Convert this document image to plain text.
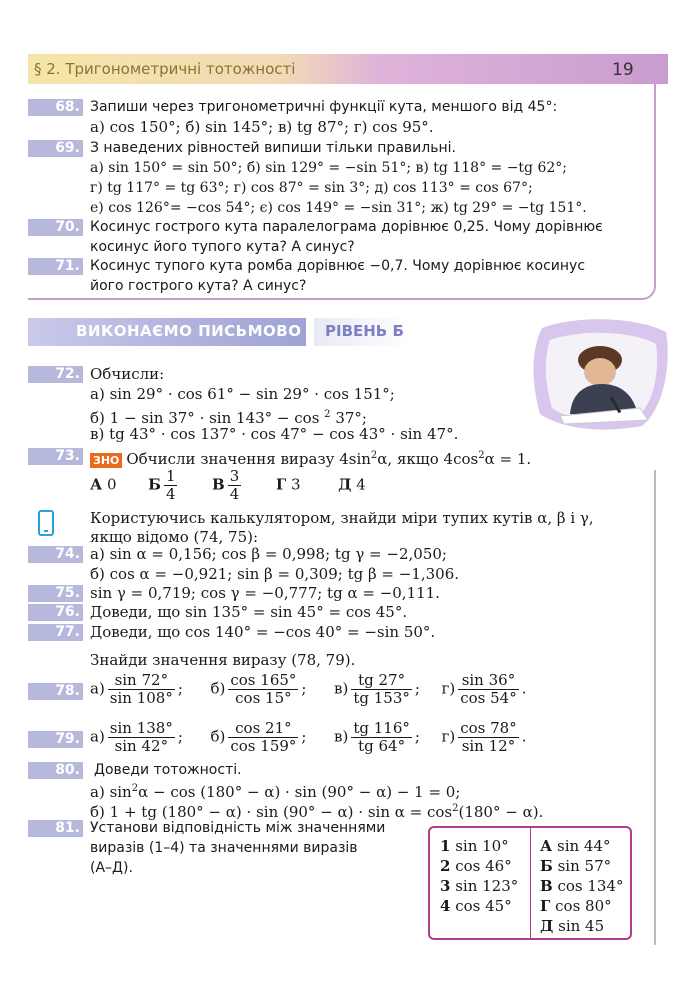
§ 2. Тригонометричні тотожності	19
68. Запиши через тригонометричні функції кута, меншого від 45°:
а) cos 150°; б) sin 145°; в) tg 87°; г) cos 95°.
69. З наведених рівностей випиши тільки правильні.
а) sin 150° = sin 50°; б) sin 129° = −sin 51°; в) tg 118° = −tg 62°;
г) tg 117° = tg 63°; г) cos 87° = sin 3°; д) cos 113° = cos 67°;
е) cos 126°= −cos 54°; є) cos 149° = −sin 31°; ж) tg 29° = −tg 151°.
70. Косинус гострого кута паралелограма дорівнює 0,25. Чому дорівнює
косинус його тупого кута? А синус?
71. Косинус тупого кута ромба дорівнює −0,7. Чому дорівнює косинус
його гострого кута? А синус?
ВИКОНАЄМО ПИСЬМОВО РІВЕНЬ Б
72. Обчисли:
а) sin 29° · cos 61° − sin 29° · cos 151°;
б) 1 − sin 37° · sin 143° − cos $^2$ 37°;
в) tg 43° · cos 137° · cos 47° − cos 43° · sin 47°.
73. ЗНО Обчисли значення виразу $4\sin^2\alpha$, якщо $4\cos^2\alpha = 1$.
А 0 Б $\frac{1}{4}$ В $\frac{3}{4}$ Г 3	Д 4
Користуючись калькулятором, знайди міри тупих кутів α, β і γ,
якщо відомо (74, 75):
74. а) sin α = 0,156; cos β = 0,998; tg γ = −2,050;
б) cos α = −0,921; sin β = 0,309; tg β = −1,306.
75. sin γ = 0,719; cos γ = −0,777; tg α = −0,111.
76. Доведи, що sin 135° = sin 45° = cos 45°.
77. Доведи, що cos 140° = −cos 40° = −sin 50°.
Знайди значення виразу (78, 79).
78. $а) \frac{\sin 72^\circ}{\sin 108^\circ}$ ; $б) \frac{\cos 165^\circ}{\cos 15^\circ}$ ; $в) \frac{tg 27^\circ}{tg 153^\circ}$ ; $г) \frac{\sin 36^\circ}{\cos 54^\circ}$ .
79. $а) \frac{\sin 138^\circ}{\sin 42^\circ}$ ; $б) \frac{\cos 21^\circ}{\cos 159^\circ}$ ; $в) \frac{tg 116^\circ}{tg 64^\circ}$ ; $г) \frac{\cos 78^\circ}{\sin 12^\circ}$ .
80. Доведи тотожності.
а) $\sin^2\alpha - \cos (180^\circ - \alpha) \cdot \sin (90^\circ - \alpha) - 1 = 0$;
б) 1 + tg $(180^\circ - \alpha) \cdot \sin (90^\circ - \alpha) \cdot \sin \alpha = \cos^2(180^\circ - \alpha)$.
81. Установи відповідність між значеннями
виразів (1–4) та значеннями виразів
(А–Д).
1 sin 10°
2 cos 46°
3 sin 123°
4 cos 45°
А sin 44°
Б sin 57°
В cos 134°
Г cos 80°
Д sin 45
